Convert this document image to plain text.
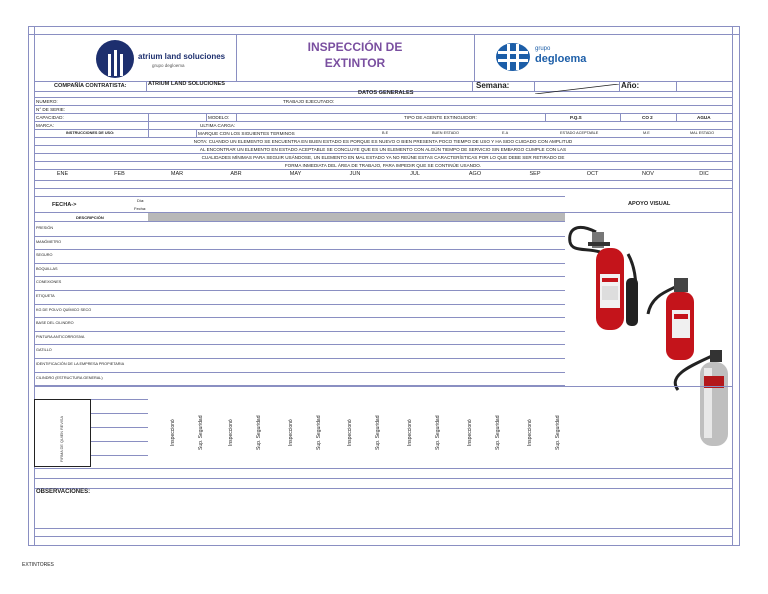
atrium land soluciones
grupo degloema
INSPECCIÓN DE
EXTINTOR
grupo
degloema
COMPAÑÍA CONTRATISTA:	ATRIUM LAND SOLUCIONES	Semana:	Año:
DATOS GENERALES
NUMERO:	TRABAJO EJECUTADO:
N° DE SERIE:
CAPACIDAD:	MODELO:	TIPO DE AGENTE EXTINGUIDOR:	P.Q.S	CO 2	AGUA
MARCA:	ULTIMA CARGA:
INSTRUCCIONES DE USO:	MARQUE CON LOS SIGUIENTES TERMINOS	B.E	BUEN ESTADO	E.A	ESTADO ACEPTABLE	M.E	MAL ESTADO
NOTA: CUANDO UN ELEMENTO SE ENCUENTRA EN BUEN ESTADO ES PORQUE ES NUEVO O BIEN PRESENTA POCO TIEMPO DE USO Y HA SIDO CUIDADO CON AMPLITUD
AL ENCONTRAR UN ELEMENTO EN ESTADO ACEPTABLE SE CONCLUYE QUE ES UN ELEMENTO CON ALGÚN TIEMPO DE SERVICIO SIN EMBARGO CUMPLE CON LAS
CUALIDADES MÍNIMAS PARA SEGUIR USÁNDOSE, UN ELEMENTO EN MAL ESTADO YA NO REÚNE ESTAS CARACTERÍSTICAS POR LO QUE DEBE SER RETIRADO DE
FORMA INMEDIATA DEL ÁREA DE TRABAJO, PARA IMPEDIR QUE SE CONTINÚE USANDO.
ENE	FEB	MAR	ABR	MAY	JUN	JUL	AGO	SEP	OCT	NOV	DIC
FECHA->
Día:
Fecha:
APOYO VISUAL
DESCRIPCIÓN
PRESIÓN
MANÓMETRO
SEGURO
BOQUILLAS
CONEXIONES
ETIQUETA
KG DE POLVO QUÍMICO SECO
BASE DEL CILINDRO
PINTURA ANTICORROSIVA
GATILLO
IDENTIFICACIÓN DE LA EMPRESA PROPIETARIA
CILINDRO (ESTRUCTURA GENERAL)
FIRMA DE QUIEN REVISA	Inspeccionó	Sup. Seguridad	Inspeccionó	Sup. Seguridad	Inspeccionó	Sup. Seguridad	Inspeccionó	Sup. Seguridad	Inspeccionó	Sup. Seguridad	Inspeccionó	Sup. Seguridad	Inspeccionó	Sup. Seguridad
OBSERVACIONES:
EXTINTORES
